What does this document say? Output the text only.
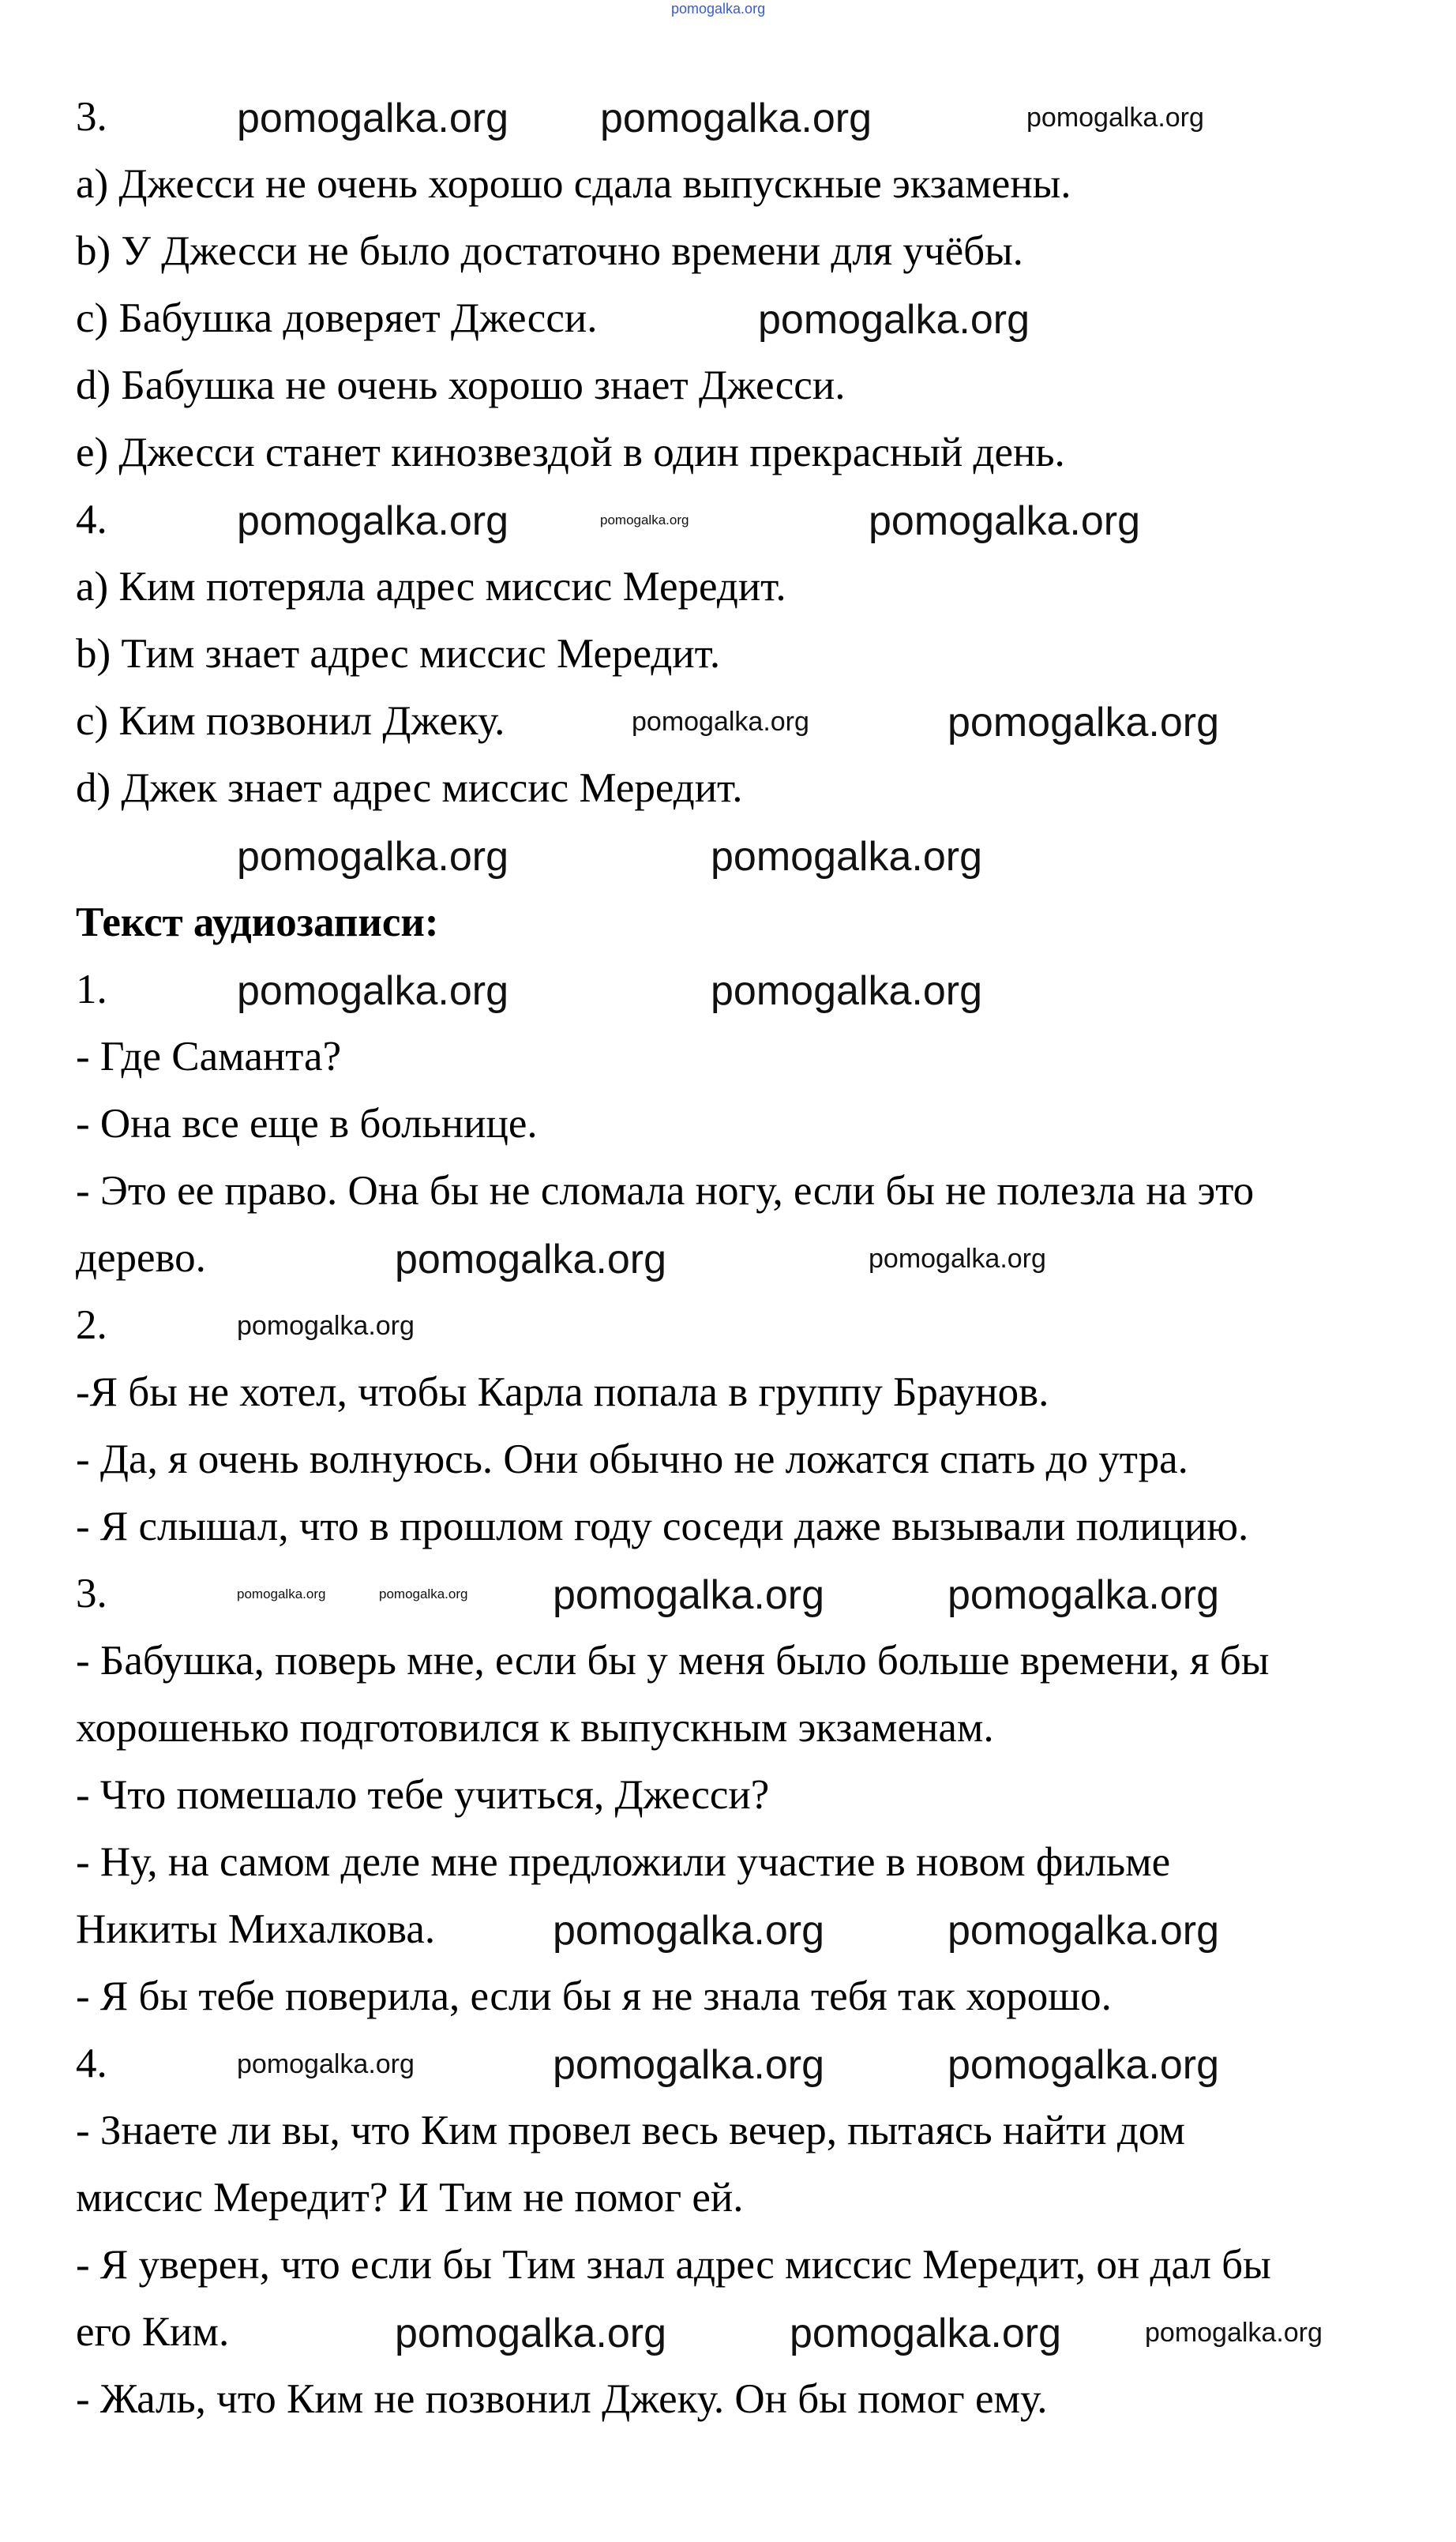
3.
a) Джесси не очень хорошо сдала выпускные экзамены.
b) У Джесси не было достаточно времени для учёбы.
c) Бабушка доверяет Джесси.
d) Бабушка не очень хорошо знает Джесси.
e) Джесси станет кинозвездой в один прекрасный день.
4.
a) Ким потеряла адрес миссис Мередит.
b) Тим знает адрес миссис Мередит.
c) Ким позвонил Джеку.
d) Джек знает адрес миссис Мередит.
Текст аудиозаписи:
1.
- Где Саманта?
- Она все еще в больнице.
- Это ее право. Она бы не сломала ногу, если бы не полезла на это
дерево.
2.
-Я бы не хотел, чтобы Карла попала в группу Браунов.
- Да, я очень волнуюсь. Они обычно не ложатся спать до утра.
- Я слышал, что в прошлом году соседи даже вызывали полицию.
3.
- Бабушка, поверь мне, если бы у меня было больше времени, я бы
хорошенько подготовился к выпускным экзаменам.
- Что помешало тебе учиться, Джесси?
- Ну, на самом деле мне предложили участие в новом фильме
Никиты Михалкова.
- Я бы тебе поверила, если бы я не знала тебя так хорошо.
4.
- Знаете ли вы, что Ким провел весь вечер, пытаясь найти дом
миссис Мередит? И Тим не помог ей.
- Я уверен, что если бы Тим знал адрес миссис Мередит, он дал бы
его Ким.
- Жаль, что Ким не позвонил Джеку. Он бы помог ему.
pomogalka.org
pomogalka.org pomogalka.org	pomogalka.org
pomogalka.org
pomogalka.org	pomogalka.org	pomogalka.org
pomogalka.org	pomogalka.org
pomogalka.org	pomogalka.org
pomogalka.org	pomogalka.org
pomogalka.org	pomogalka.org
pomogalka.org
pomogalka.org	pomogalka.org pomogalka.org	pomogalka.org
pomogalka.org	pomogalka.org
pomogalka.org	pomogalka.org	pomogalka.org
pomogalka.org	pomogalka.org	pomogalka.org
